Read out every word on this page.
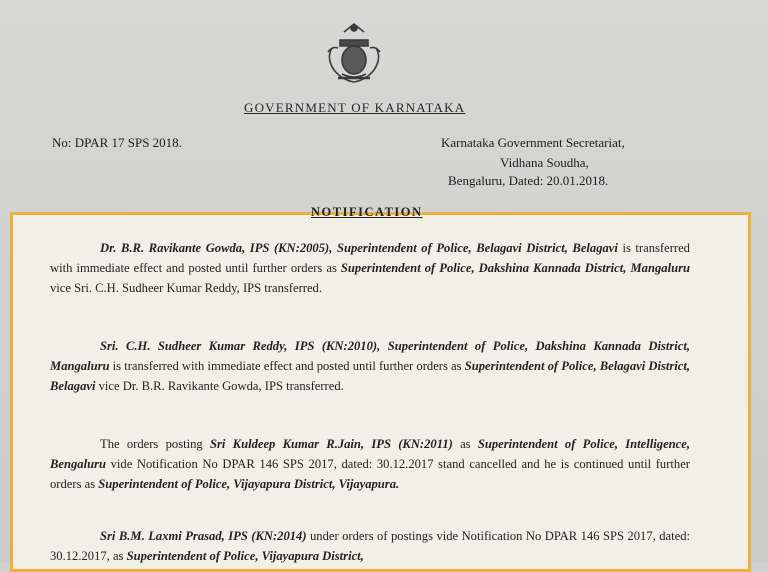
GOVERNMENT OF KARNATAKA
No: DPAR 17 SPS 2018.	Karnataka Government Secretariat,
Vidhana Soudha,
Bengaluru, Dated: 20.01.2018.
NOTIFICATION
Dr. B.R. Ravikante Gowda, IPS (KN:2005), Superintendent of Police, Belagavi District, Belagavi is transferred with immediate effect and posted until further orders as Superintendent of Police, Dakshina Kannada District, Mangaluru vice Sri. C.H. Sudheer Kumar Reddy, IPS transferred.
Sri. C.H. Sudheer Kumar Reddy, IPS (KN:2010), Superintendent of Police, Dakshina Kannada District, Mangaluru is transferred with immediate effect and posted until further orders as Superintendent of Police, Belagavi District, Belagavi vice Dr. B.R. Ravikante Gowda, IPS transferred.
The orders posting Sri Kuldeep Kumar R.Jain, IPS (KN:2011) as Superintendent of Police, Intelligence, Bengaluru vide Notification No DPAR 146 SPS 2017, dated: 30.12.2017 stand cancelled and he is continued until further orders as Superintendent of Police, Vijayapura District, Vijayapura.
Sri B.M. Laxmi Prasad, IPS (KN:2014) under orders of postings vide Notification No DPAR 146 SPS 2017, dated: 30.12.2017, as Superintendent of Police, Vijayapura District,
